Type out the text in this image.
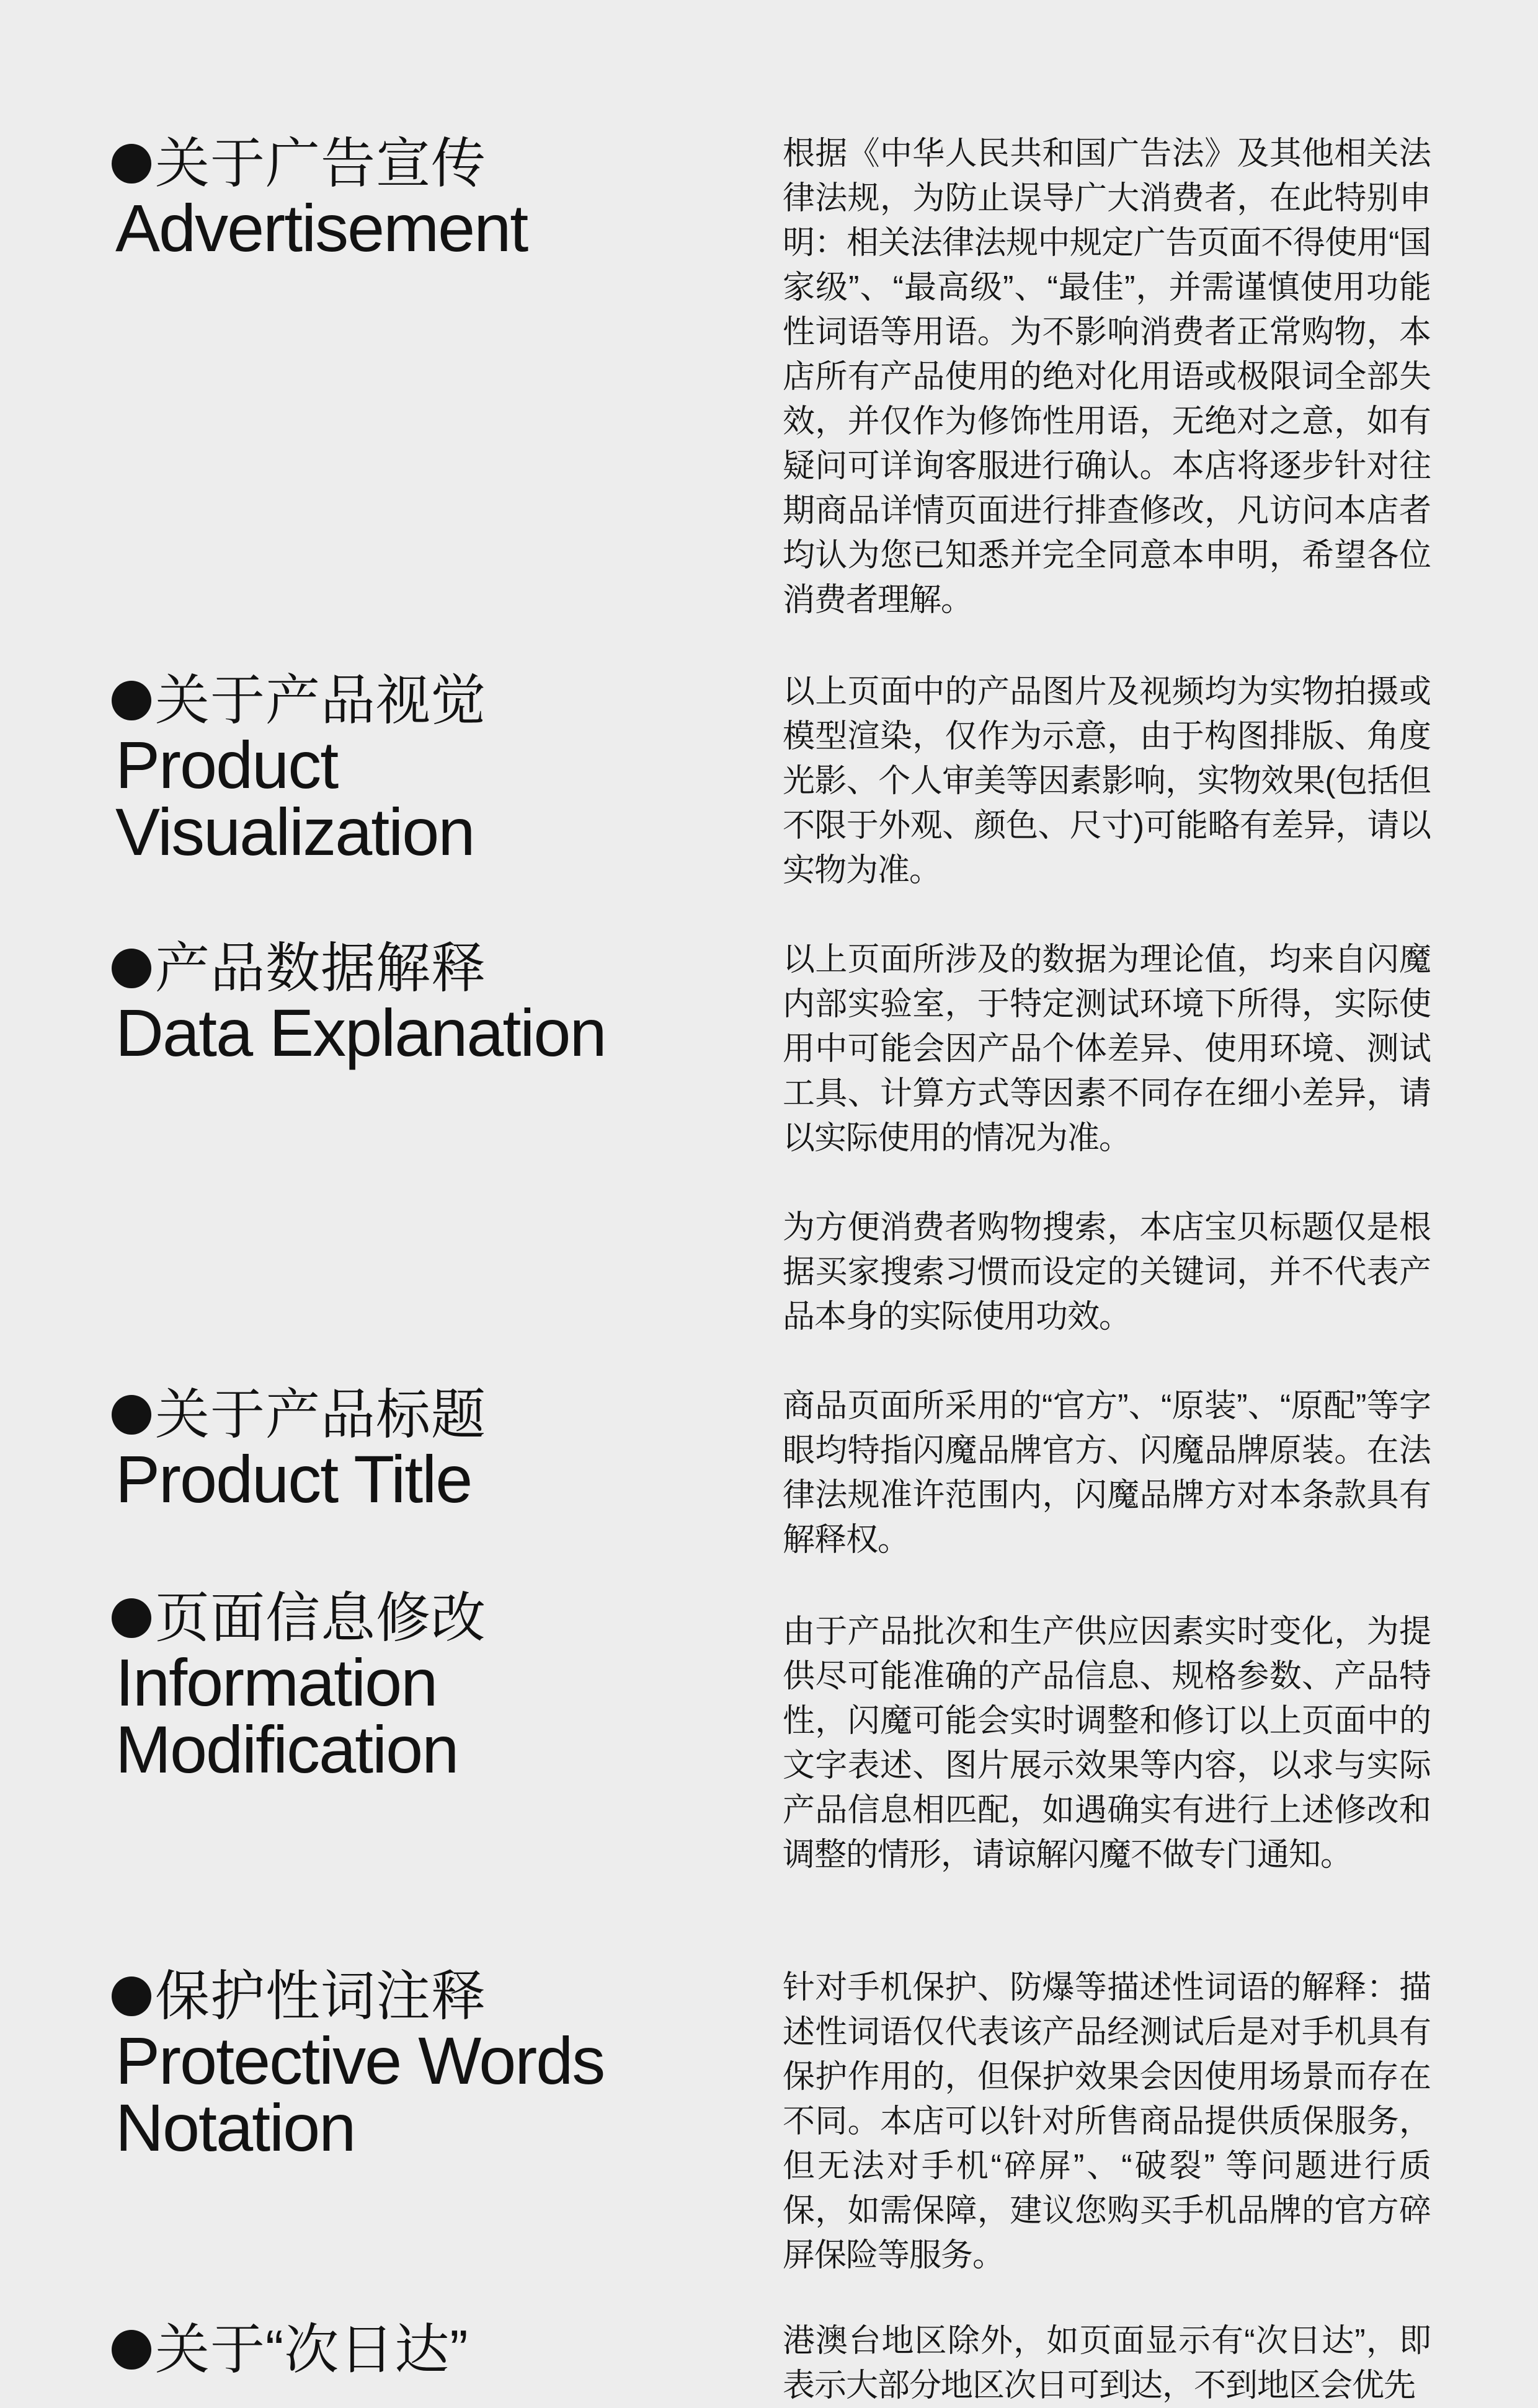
关于广告宣传
Advertisement
根据《中华人民共和国广告法》及其他相关法律法规，为防止误导广大消费者，在此特别申明：相关法律法规中规定广告页面不得使用“国家级”、“最高级”、“最佳”，并需谨慎使用功能性词语等用语。为不影响消费者正常购物，本店所有产品使用的绝对化用语或极限词全部失效，并仅作为修饰性用语，无绝对之意，如有疑问可详询客服进行确认。本店将逐步针对往期商品详情页面进行排查修改，凡访问本店者均认为您已知悉并完全同意本申明，希望各位消费者理解。
关于产品视觉
Product
Visualization
以上页面中的产品图片及视频均为实物拍摄或模型渲染，仅作为示意，由于构图排版、角度光影、个人审美等因素影响，实物效果(包括但不限于外观、颜色、尺寸)可能略有差异，请以实物为准。
产品数据解释
Data Explanation
以上页面所涉及的数据为理论值，均来自闪魔内部实验室，于特定测试环境下所得，实际使用中可能会因产品个体差异、使用环境、测试工具、计算方式等因素不同存在细小差异，请以实际使用的情况为准。
为方便消费者购物搜索，本店宝贝标题仅是根据买家搜索习惯而设定的关键词，并不代表产品本身的实际使用功效。
关于产品标题
Product Title
商品页面所采用的“官方”、“原装”、“原配”等字眼均特指闪魔品牌官方、闪魔品牌原装。在法律法规准许范围内，闪魔品牌方对本条款具有解释权。
页面信息修改
Information
Modification
由于产品批次和生产供应因素实时变化，为提供尽可能准确的产品信息、规格参数、产品特性，闪魔可能会实时调整和修订以上页面中的文字表述、图片展示效果等内容，以求与实际产品信息相匹配，如遇确实有进行上述修改和调整的情形，请谅解闪魔不做专门通知。
保护性词注释
Protective Words
Notation
针对手机保护、防爆等描述性词语的解释：描述性词语仅代表该产品经测试后是对手机具有保护作用的，但保护效果会因使用场景而存在不同。本店可以针对所售商品提供质保服务，但无法对手机“碎屏”、“破裂” 等问题进行质保，如需保障，建议您购买手机品牌的官方碎屏保险等服务。
关于“次日达”	港澳台地区除外，如页面显示有“次日达”，即表示大部分地区次日可到达，不到地区会优先
